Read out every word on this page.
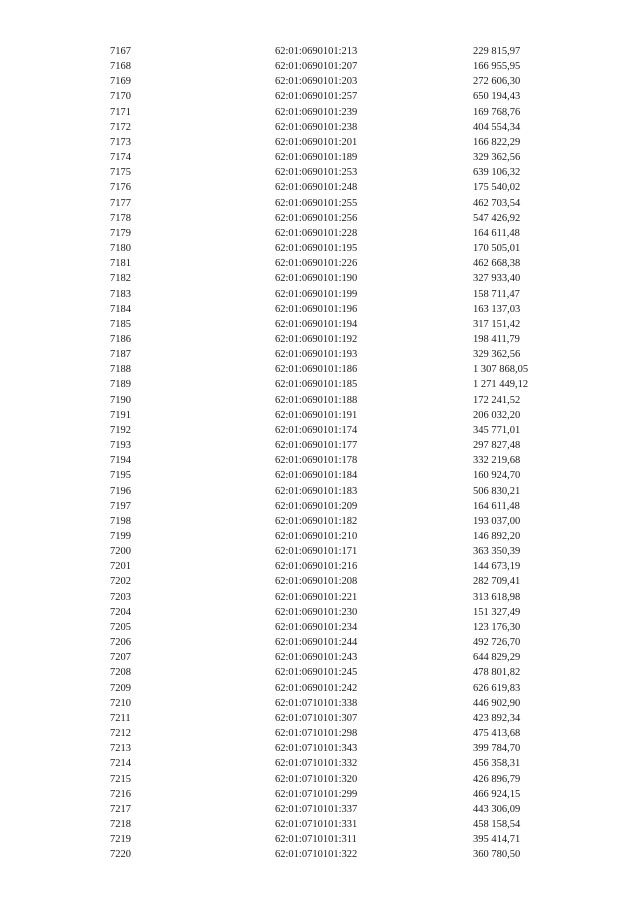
7167	62:01:0690101:213	229 815,97
7168	62:01:0690101:207	166 955,95
7169	62:01:0690101:203	272 606,30
7170	62:01:0690101:257	650 194,43
7171	62:01:0690101:239	169 768,76
7172	62:01:0690101:238	404 554,34
7173	62:01:0690101:201	166 822,29
7174	62:01:0690101:189	329 362,56
7175	62:01:0690101:253	639 106,32
7176	62:01:0690101:248	175 540,02
7177	62:01:0690101:255	462 703,54
7178	62:01:0690101:256	547 426,92
7179	62:01:0690101:228	164 611,48
7180	62:01:0690101:195	170 505,01
7181	62:01:0690101:226	462 668,38
7182	62:01:0690101:190	327 933,40
7183	62:01:0690101:199	158 711,47
7184	62:01:0690101:196	163 137,03
7185	62:01:0690101:194	317 151,42
7186	62:01:0690101:192	198 411,79
7187	62:01:0690101:193	329 362,56
7188	62:01:0690101:186	1 307 868,05
7189	62:01:0690101:185	1 271 449,12
7190	62:01:0690101:188	172 241,52
7191	62:01:0690101:191	206 032,20
7192	62:01:0690101:174	345 771,01
7193	62:01:0690101:177	297 827,48
7194	62:01:0690101:178	332 219,68
7195	62:01:0690101:184	160 924,70
7196	62:01:0690101:183	506 830,21
7197	62:01:0690101:209	164 611,48
7198	62:01:0690101:182	193 037,00
7199	62:01:0690101:210	146 892,20
7200	62:01:0690101:171	363 350,39
7201	62:01:0690101:216	144 673,19
7202	62:01:0690101:208	282 709,41
7203	62:01:0690101:221	313 618,98
7204	62:01:0690101:230	151 327,49
7205	62:01:0690101:234	123 176,30
7206	62:01:0690101:244	492 726,70
7207	62:01:0690101:243	644 829,29
7208	62:01:0690101:245	478 801,82
7209	62:01:0690101:242	626 619,83
7210	62:01:0710101:338	446 902,90
7211	62:01:0710101:307	423 892,34
7212	62:01:0710101:298	475 413,68
7213	62:01:0710101:343	399 784,70
7214	62:01:0710101:332	456 358,31
7215	62:01:0710101:320	426 896,79
7216	62:01:0710101:299	466 924,15
7217	62:01:0710101:337	443 306,09
7218	62:01:0710101:331	458 158,54
7219	62:01:0710101:311	395 414,71
7220	62:01:0710101:322	360 780,50
